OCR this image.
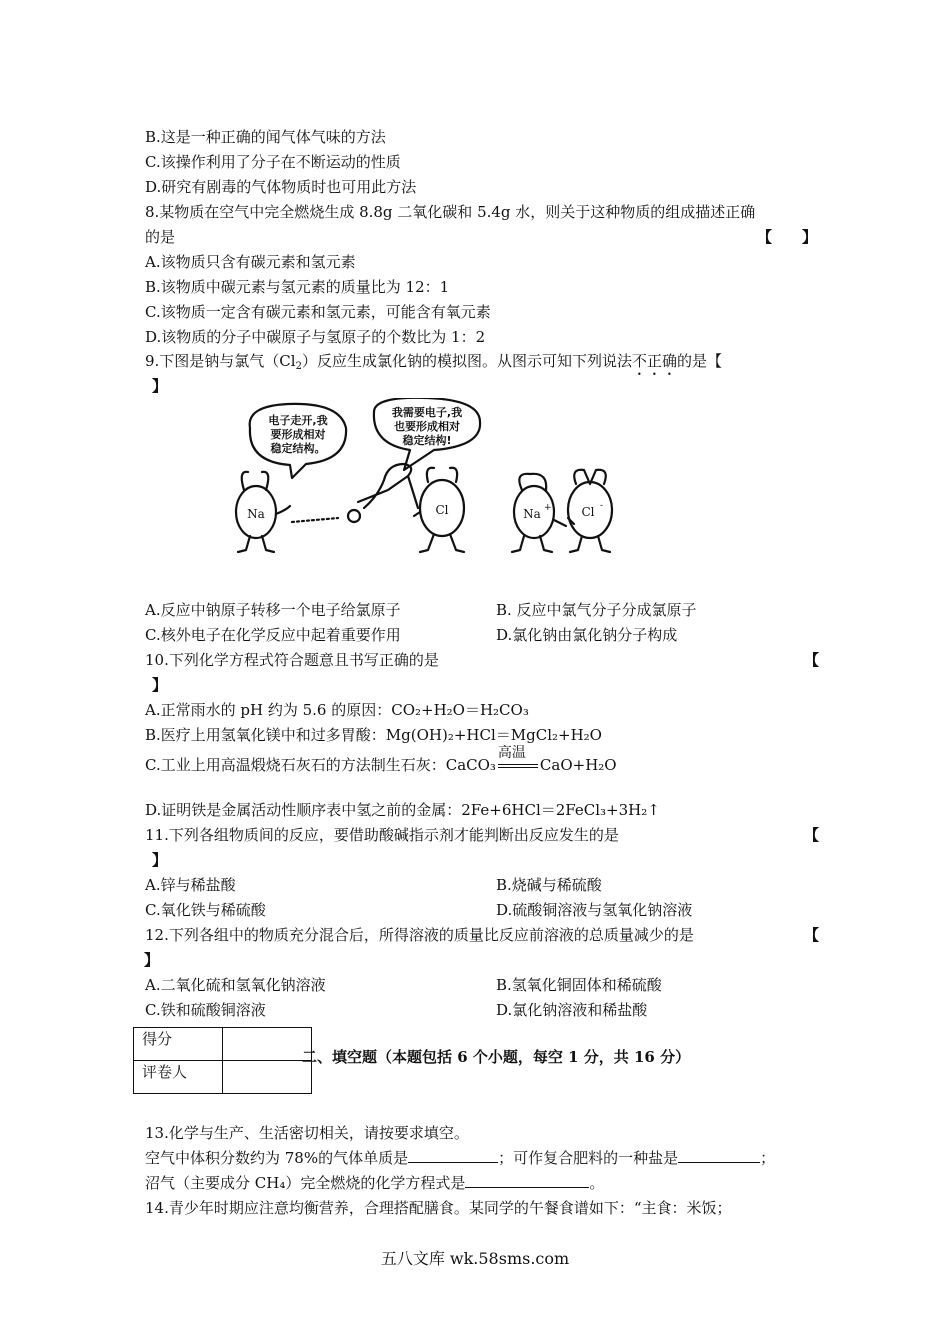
B.这是一种正确的闻气体气味的方法
C.该操作利用了分子在不断运动的性质
D.研究有剧毒的气体物质时也可用此方法
8.某物质在空气中完全燃烧生成 8.8g 二氧化碳和 5.4g 水，则关于这种物质的组成描述正确
的是	【　　】
A.该物质只含有碳元素和氢元素
B.该物质中碳元素与氢元素的质量比为 12：1
C.该物质一定含有碳元素和氢元素，可能含有氧元素
D.该物质的分子中碳原子与氢原子的个数比为 1：2
9.下图是钠与氯气$(Cl_2)$反应生成氯化钠的模拟图。从图示可知下列说法不正确的是【
】
电子走开,我
要形成相对
稳定结构。
我需要电子,我
也要形成相对
稳定结构!
Na	Cl	Na + Cl -
A.反应中钠原子转移一个电子给氯原子	B. 反应中氯气分子分成氯原子
C.核外电子在化学反应中起着重要作用	D.氯化钠由氯化钠分子构成
10.下列化学方程式符合题意且书写正确的是	【
】
A.正常雨水的 pH 约为 5.6 的原因：CO₂+H₂O＝H₂CO₃
B.医疗上用氢氧化镁中和过多胃酸：Mg(OH)₂+HCl＝MgCl₂+H₂O
C.工业上用高温煅烧石灰石的方法制生石灰：CaCO₃
高温
CaO+H₂O
D.证明铁是金属活动性顺序表中氢之前的金属：2Fe+6HCl＝2FeCl₃+3H₂↑
11.下列各组物质间的反应，要借助酸碱指示剂才能判断出反应发生的是	【
】
A.锌与稀盐酸	B.烧碱与稀硫酸
C.氧化铁与稀硫酸	D.硫酸铜溶液与氢氧化钠溶液
12.下列各组中的物质充分混合后，所得溶液的质量比反应前溶液的总质量减少的是	【
】
A.二氧化硫和氢氧化钠溶液	B.氢氧化铜固体和稀硫酸
C.铁和硫酸铜溶液	D.氯化钠溶液和稀盐酸
得分	
评卷人	
二、填空题（本题包括 6 个小题，每空 1 分，共 16 分）
13.化学与生产、生活密切相关，请按要求填空。
空气中体积分数约为 78%的气体单质是	；可作复合肥料的一种盐是	；
沼气（主要成分 CH₄）完全燃烧的化学方程式是	。
14.青少年时期应注意均衡营养，合理搭配膳食。某同学的午餐食谱如下：“主食：米饭；
五八文库 wk.58sms.com
